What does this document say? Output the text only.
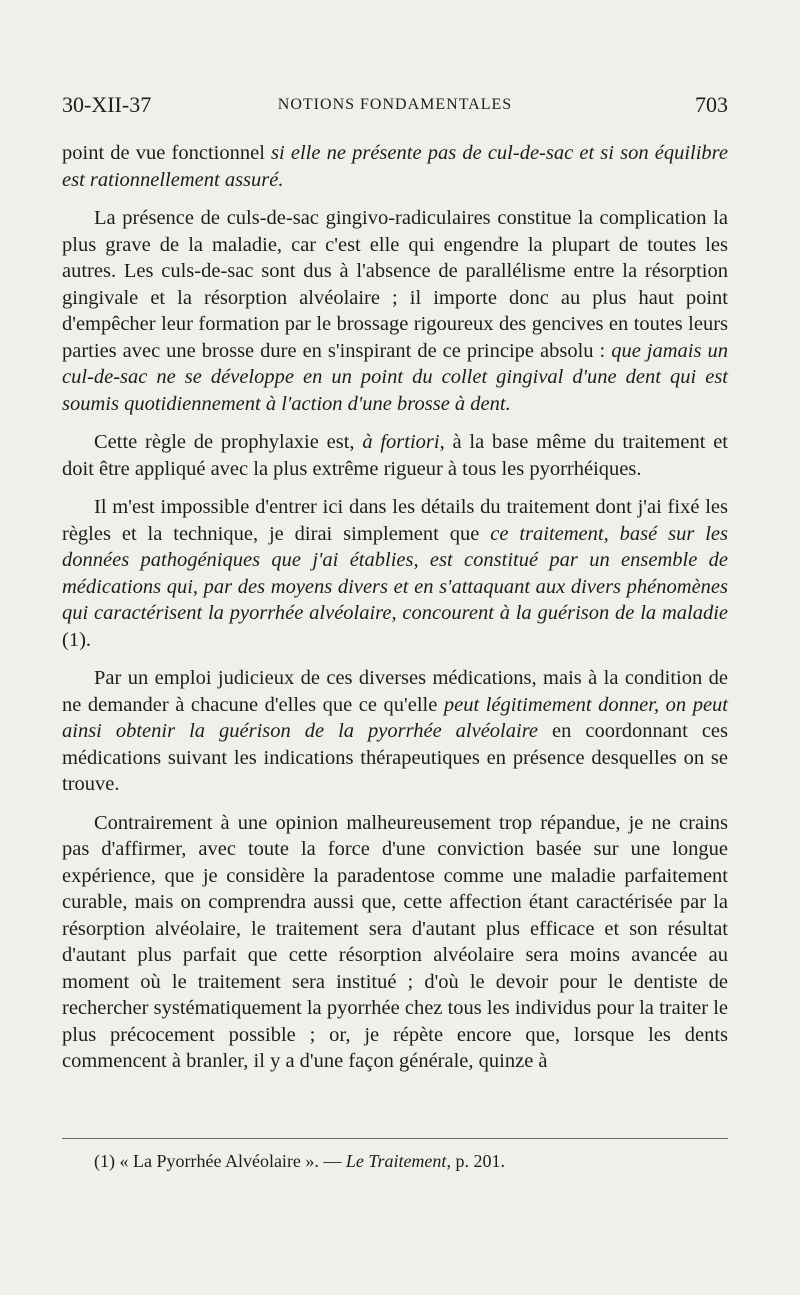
30-XII-37	NOTIONS FONDAMENTALES	703

point de vue fonctionnel si elle ne présente pas de cul-de-sac et si son équilibre est rationnellement assuré.

La présence de culs-de-sac gingivo-radiculaires constitue la complication la plus grave de la maladie, car c'est elle qui engendre la plupart de toutes les autres. Les culs-de-sac sont dus à l'absence de parallélisme entre la résorption gingivale et la résorption alvéolaire ; il importe donc au plus haut point d'empêcher leur formation par le brossage rigoureux des gencives en toutes leurs parties avec une brosse dure en s'inspirant de ce principe absolu : que jamais un cul-de-sac ne se développe en un point du collet gingival d'une dent qui est soumis quotidiennement à l'action d'une brosse à dent.

Cette règle de prophylaxie est, à fortiori, à la base même du traitement et doit être appliqué avec la plus extrême rigueur à tous les pyorrhéiques.

Il m'est impossible d'entrer ici dans les détails du traitement dont j'ai fixé les règles et la technique, je dirai simplement que ce traitement, basé sur les données pathogéniques que j'ai établies, est constitué par un ensemble de médications qui, par des moyens divers et en s'attaquant aux divers phénomènes qui caractérisent la pyorrhée alvéolaire, concourent à la guérison de la maladie (1).

Par un emploi judicieux de ces diverses médications, mais à la condition de ne demander à chacune d'elles que ce qu'elle peut légitimement donner, on peut ainsi obtenir la guérison de la pyorrhée alvéolaire en coordonnant ces médications suivant les indications thérapeutiques en présence desquelles on se trouve.

Contrairement à une opinion malheureusement trop répandue, je ne crains pas d'affirmer, avec toute la force d'une conviction basée sur une longue expérience, que je considère la paradentose comme une maladie parfaitement curable, mais on comprendra aussi que, cette affection étant caractérisée par la résorption alvéolaire, le traitement sera d'autant plus efficace et son résultat d'autant plus parfait que cette résorption alvéolaire sera moins avancée au moment où le traitement sera institué ; d'où le devoir pour le dentiste de rechercher systématiquement la pyorrhée chez tous les individus pour la traiter le plus précocement possible ; or, je répète encore que, lorsque les dents commencent à branler, il y a d'une façon générale, quinze à

(1) « La Pyorrhée Alvéolaire ». — Le Traitement, p. 201.
